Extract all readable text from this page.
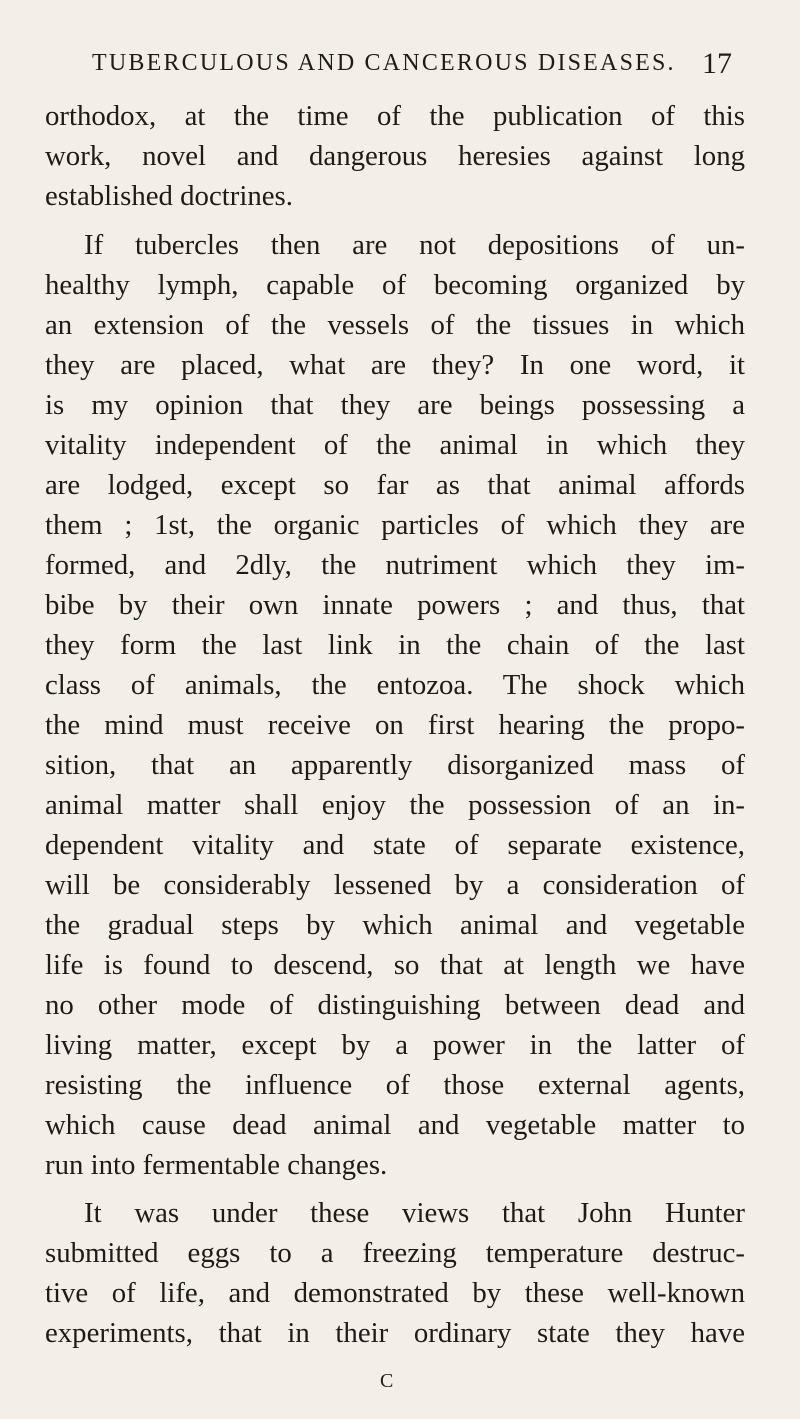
TUBERCULOUS AND CANCEROUS DISEASES. 17
orthodox, at the time of the publication of this
work, novel and dangerous heresies against long
established doctrines.
If tubercles then are not depositions of un-
healthy lymph, capable of becoming organized by
an extension of the vessels of the tissues in which
they are placed, what are they? In one word, it
is my opinion that they are beings possessing a
vitality independent of the animal in which they
are lodged, except so far as that animal affords
them ; 1st, the organic particles of which they are
formed, and 2dly, the nutriment which they im-
bibe by their own innate powers ; and thus, that
they form the last link in the chain of the last
class of animals, the entozoa. The shock which
the mind must receive on first hearing the propo-
sition, that an apparently disorganized mass of
animal matter shall enjoy the possession of an in-
dependent vitality and state of separate existence,
will be considerably lessened by a consideration of
the gradual steps by which animal and vegetable
life is found to descend, so that at length we have
no other mode of distinguishing between dead and
living matter, except by a power in the latter of
resisting the influence of those external agents,
which cause dead animal and vegetable matter to
run into fermentable changes.
It was under these views that John Hunter
submitted eggs to a freezing temperature destruc-
tive of life, and demonstrated by these well-known
experiments, that in their ordinary state they have
C
